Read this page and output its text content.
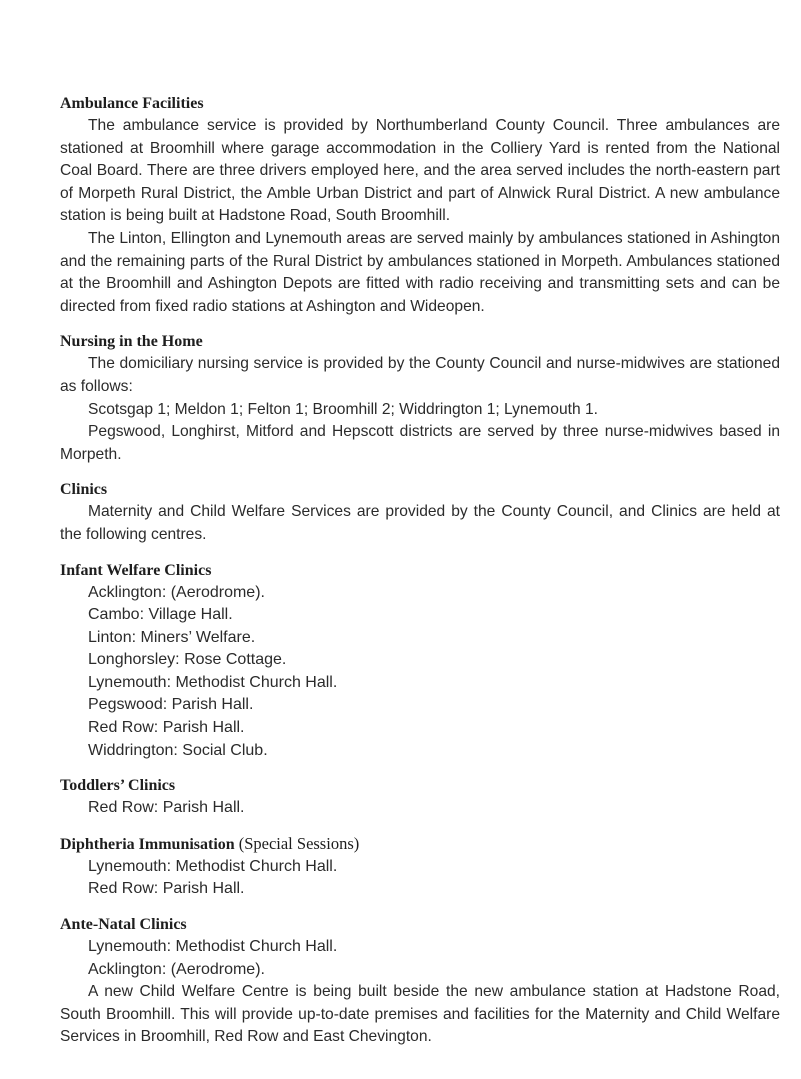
Ambulance Facilities

The ambulance service is provided by Northumberland County Council. Three ambulances are stationed at Broomhill where garage accommodation in the Colliery Yard is rented from the National Coal Board. There are three drivers employed here, and the area served includes the north-eastern part of Morpeth Rural District, the Amble Urban District and part of Alnwick Rural District. A new ambulance station is being built at Hadstone Road, South Broomhill.

The Linton, Ellington and Lynemouth areas are served mainly by ambulances stationed in Ashington and the remaining parts of the Rural District by ambulances stationed in Morpeth. Ambulances stationed at the Broomhill and Ashington Depots are fitted with radio receiving and transmitting sets and can be directed from fixed radio stations at Ashington and Wideopen.

Nursing in the Home

The domiciliary nursing service is provided by the County Council and nurse-midwives are stationed as follows:

Scotsgap 1; Meldon 1; Felton 1; Broomhill 2; Widdrington 1; Lynemouth 1.

Pegswood, Longhirst, Mitford and Hepscott districts are served by three nurse-midwives based in Morpeth.

Clinics

Maternity and Child Welfare Services are provided by the County Council, and Clinics are held at the following centres.

Infant Welfare Clinics
Acklington: (Aerodrome).
Cambo: Village Hall.
Linton: Miners’ Welfare.
Longhorsley: Rose Cottage.
Lynemouth: Methodist Church Hall.
Pegswood: Parish Hall.
Red Row: Parish Hall.
Widdrington: Social Club.
Toddlers’ Clinics
Red Row: Parish Hall.
Diphtheria Immunisation (Special Sessions)
Lynemouth: Methodist Church Hall.
Red Row: Parish Hall.
Ante-Natal Clinics
Lynemouth: Methodist Church Hall.
Acklington: (Aerodrome).

A new Child Welfare Centre is being built beside the new ambulance station at Hadstone Road, South Broomhill. This will provide up-to-date premises and facilities for the Maternity and Child Welfare Services in Broomhill, Red Row and East Chevington.
